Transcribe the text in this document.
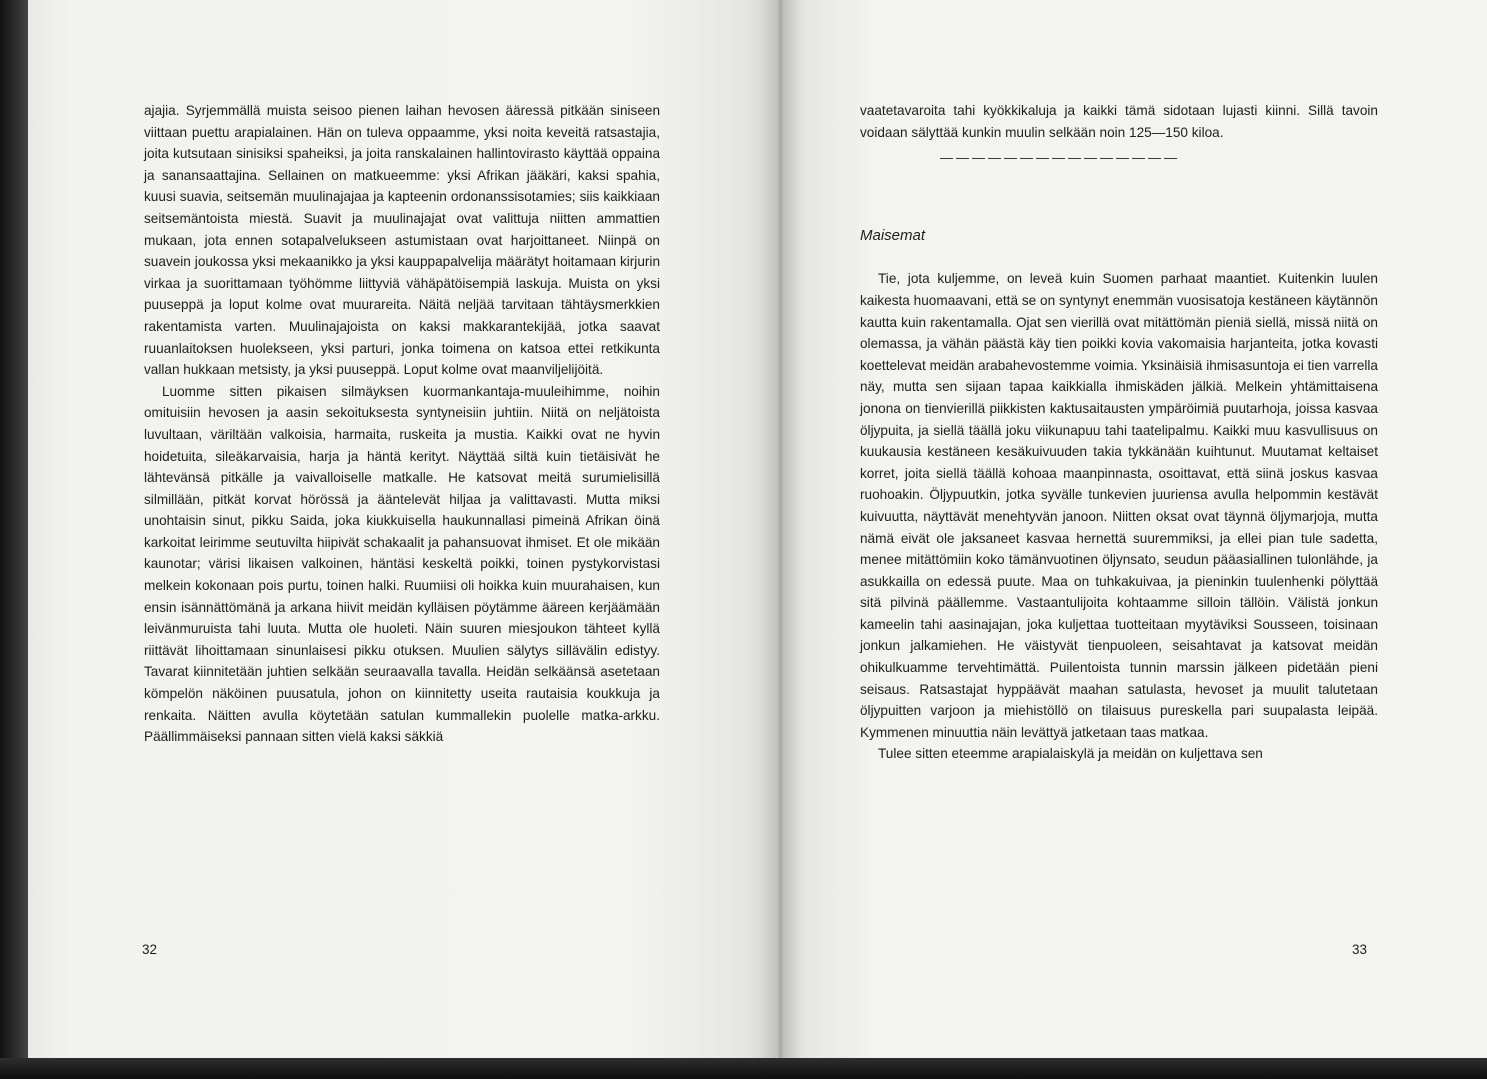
ajajia. Syrjemmällä muista seisoo pienen laihan hevosen ääressä pitkään siniseen viittaan puettu arapialainen. Hän on tuleva oppaamme, yksi noita keveitä ratsastajia, joita kutsutaan sinisiksi spaheiksi, ja joita ranskalainen hallintovirasto käyttää oppaina ja sanansaattajina. Sellainen on matkueemme: yksi Afrikan jääkäri, kaksi spahia, kuusi suavia, seitsemän muulinajajaa ja kapteenin ordonanssisotamies; siis kaikkiaan seitsemäntoista miestä. Suavit ja muulinajajat ovat valittuja niitten ammattien mukaan, jota ennen sotapalvelukseen astumistaan ovat harjoittaneet. Niinpä on suavein joukossa yksi mekaanikko ja yksi kauppapalvelija määrätyt hoitamaan kirjurin virkaa ja suorittamaan työhömme liittyviä vähäpätöisempiä laskuja. Muista on yksi puuseppä ja loput kolme ovat muurareita. Näitä neljää tarvitaan tähtäysmerkkien rakentamista varten. Muulinajajoista on kaksi makkarantekijää, jotka saavat ruuanlaitoksen huolekseen, yksi parturi, jonka toimena on katsoa ettei retkikunta vallan hukkaan metsisty, ja yksi puuseppä. Loput kolme ovat maanviljelijöitä.

Luomme sitten pikaisen silmäyksen kuormankantaja-muuleihimme, noihin omituisiin hevosen ja aasin sekoituksesta syntyneisiin juhtiin. Niitä on neljätoista luvultaan, väriltään valkoisia, harmaita, ruskeita ja mustia. Kaikki ovat ne hyvin hoidetuita, sileäkarvaisia, harja ja häntä kerityt. Näyttää siltä kuin tietäisivät he lähtevänsä pitkälle ja vaivalloiselle matkalle. He katsovat meitä surumielisillä silmillään, pitkät korvat hörössä ja ääntelevät hiljaa ja valittavasti. Mutta miksi unohtaisin sinut, pikku Saida, joka kiukkuisella haukunnallasi pimeinä Afrikan öinä karkoitat leirimme seutuvilta hiipivät schakaalit ja pahansuovat ihmiset. Et ole mikään kaunotar; värisi likaisen valkoinen, häntäsi keskeltä poikki, toinen pystykorvistasi melkein kokonaan pois purtu, toinen halki. Ruumiisi oli hoikka kuin muurahaisen, kun ensin isännättömänä ja arkana hiivit meidän kylläisen pöytämme ääreen kerjäämään leivänmuruista tahi luuta. Mutta ole huoleti. Näin suuren miesjoukon tähteet kyllä riittävät lihoittamaan sinunlaisesi pikku otuksen. Muulien sälytys sillävälin edistyy. Tavarat kiinnitetään juhtien selkään seuraavalla tavalla. Heidän selkäänsä asetetaan kömpelön näköinen puusatula, johon on kiinnitetty useita rautaisia koukkuja ja renkaita. Näitten avulla köytetään satulan kummallekin puolelle matka-arkku. Päällimmäiseksi pannaan sitten vielä kaksi säkkiä

32

vaatetavaroita tahi kyökkikaluja ja kaikki tämä sidotaan lujasti kiinni. Sillä tavoin voidaan sälyttää kunkin muulin selkään noin 125—150 kiloa.

———————————————
Maisemat

Tie, jota kuljemme, on leveä kuin Suomen parhaat maantiet. Kuitenkin luulen kaikesta huomaavani, että se on syntynyt enemmän vuosisatoja kestäneen käytännön kautta kuin rakentamalla. Ojat sen vierillä ovat mitättömän pieniä siellä, missä niitä on olemassa, ja vähän päästä käy tien poikki kovia vakomaisia harjanteita, jotka kovasti koettelevat meidän arabahevostemme voimia. Yksinäisiä ihmisasuntoja ei tien varrella näy, mutta sen sijaan tapaa kaikkialla ihmiskäden jälkiä. Melkein yhtämittaisena jonona on tienvierillä piikkisten kaktusaitausten ympäröimiä puutarhoja, joissa kasvaa öljypuita, ja siellä täällä joku viikunapuu tahi taatelipalmu. Kaikki muu kasvullisuus on kuukausia kestäneen kesäkuivuuden takia tykkänään kuihtunut. Muutamat keltaiset korret, joita siellä täällä kohoaa maanpinnasta, osoittavat, että siinä joskus kasvaa ruohoakin. Öljypuutkin, jotka syvälle tunkevien juuriensa avulla helpommin kestävät kuivuutta, näyttävät menehtyvän janoon. Niitten oksat ovat täynnä öljymarjoja, mutta nämä eivät ole jaksaneet kasvaa hernettä suuremmiksi, ja ellei pian tule sadetta, menee mitättömiin koko tämänvuotinen öljynsato, seudun pääasiallinen tulonlähde, ja asukkailla on edessä puute. Maa on tuhkakuivaa, ja pieninkin tuulenhenki pölyttää sitä pilvinä päällemme. Vastaantulijoita kohtaamme silloin tällöin. Välistä jonkun kameelin tahi aasinajajan, joka kuljettaa tuotteitaan myytäviksi Sousseen, toisinaan jonkun jalkamiehen. He väistyvät tienpuoleen, seisahtavat ja katsovat meidän ohikulkuamme tervehtimättä. Puilentoista tunnin marssin jälkeen pidetään pieni seisaus. Ratsastajat hyppäävät maahan satulasta, hevoset ja muulit talutetaan öljypuitten varjoon ja miehistöllö on tilaisuus pureskella pari suupalasta leipää. Kymmenen minuuttia näin levättyä jatketaan taas matkaa.

Tulee sitten eteemme arapialaiskylä ja meidän on kuljettava sen

33
